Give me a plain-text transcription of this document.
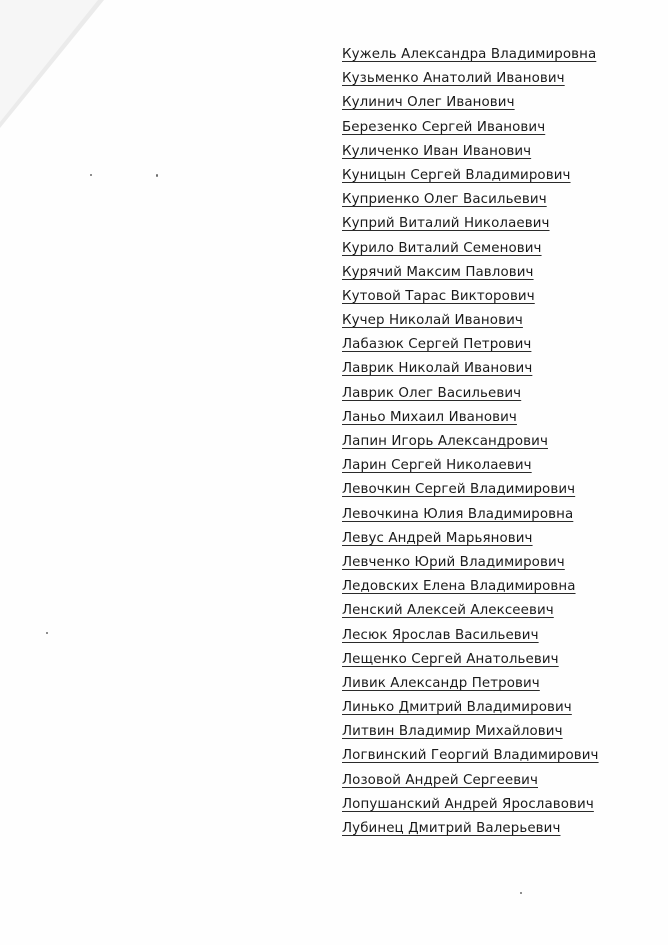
Кужель Александра Владимировна
Кузьменко Анатолий Иванович
Кулинич Олег Иванович
Березенко Сергей Иванович
Куличенко Иван Иванович
Куницын Сергей Владимирович
Куприенко Олег Васильевич
Куприй Виталий Николаевич
Курило Виталий Семенович
Курячий Максим Павлович
Кутовой Тарас Викторович
Кучер Николай Иванович
Лабазюк Сергей Петрович
Лаврик Николай Иванович
Лаврик Олег Васильевич
Ланьо Михаил Иванович
Лапин Игорь Александрович
Ларин Сергей Николаевич
Левочкин Сергей Владимирович
Левочкина Юлия Владимировна
Левус Андрей Марьянович
Левченко Юрий Владимирович
Ледовских Елена Владимировна
Ленский Алексей Алексеевич
Лесюк Ярослав Васильевич
Лещенко Сергей Анатольевич
Ливик Александр Петрович
Линько Дмитрий Владимирович
Литвин Владимир Михайлович
Логвинский Георгий Владимирович
Лозовой Андрей Сергеевич
Лопушанский Андрей Ярославович
Лубинец Дмитрий Валерьевич
